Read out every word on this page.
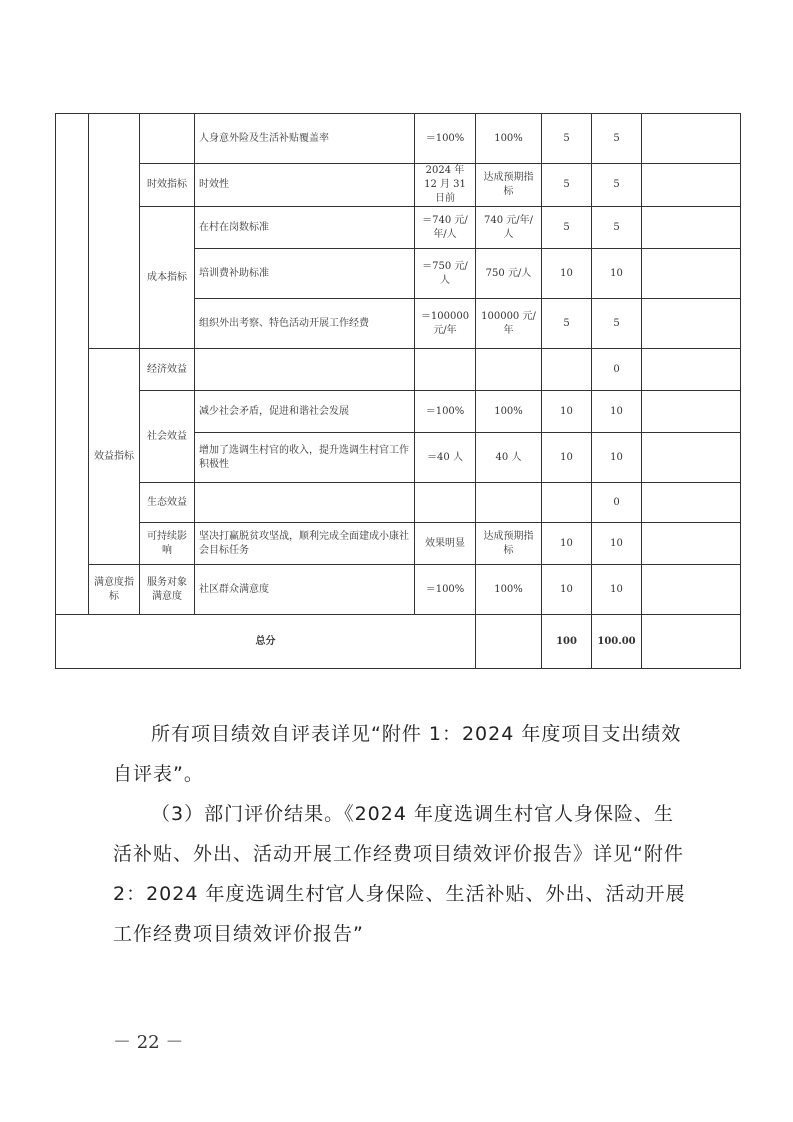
			人身意外险及生活补贴覆盖率	＝100%	100%	5	5	
		时效指标	时效性	2024 年 12 月 31 日前	达成预期指标	5	5	
		成本指标	在村在岗数标准	＝740 元/年/人	740 元/年/人	5	5	
			培训费补助标准	＝750 元/人	750 元/人	10	10	
			组织外出考察、特色活动开展工作经费	＝100000 元/年	100000 元/年	5	5	
	效益指标	经济效益					0	
		社会效益	减少社会矛盾，促进和谐社会发展	＝100%	100%	10	10	
			增加了选调生村官的收入，提升选调生村官工作积极性	＝40 人	40 人	10	10	
		生态效益					0	
		可持续影响	坚决打赢脱贫攻坚战，顺利完成全面建成小康社会目标任务	效果明显	达成预期指标	10	10	
	满意度指标	服务对象满意度	社区群众满意度	＝100%	100%	10	10	
总分						100	100.00	
所有项目绩效自评表详见“附件 1：2024 年度项目支出绩效自评表”。
（3）部门评价结果。《2024 年度选调生村官人身保险、生活补贴、外出、活动开展工作经费项目绩效评价报告》详见“附件 2：2024 年度选调生村官人身保险、生活补贴、外出、活动开展工作经费项目绩效评价报告”
－ 22 －
